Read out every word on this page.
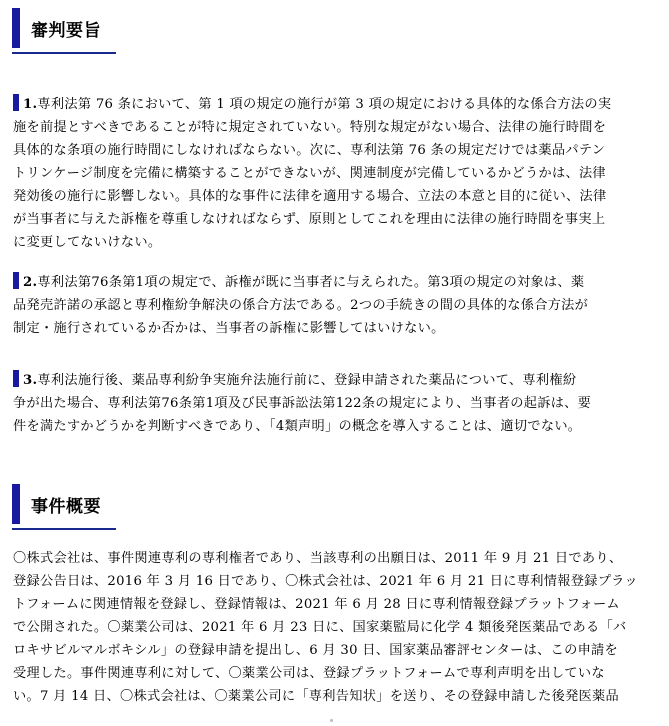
審判要旨
1.専利法第 76 条において、第 1 項の規定の施行が第 3 項の規定における具体的な係合方法の実
施を前提とすべきであることが特に規定されていない。特別な規定がない場合、法律の施行時間を
具体的な条項の施行時間にしなければならない。次に、専利法第 76 条の規定だけでは薬品パテン
トリンケージ制度を完備に構築することができないが、関連制度が完備しているかどうかは、法律
発効後の施行に影響しない。具体的な事件に法律を適用する場合、立法の本意と目的に従い、法律
が当事者に与えた訴権を尊重しなければならず、原則としてこれを理由に法律の施行時間を事実上
に変更してないけない。
2.専利法第76条第1項の規定で、訴権が既に当事者に与えられた。第3項の規定の対象は、薬
品発売許諾の承認と専利権紛争解決の係合方法である。2つの手続きの間の具体的な係合方法が
制定・施行されているか否かは、当事者の訴権に影響してはいけない。
3.専利法施行後、薬品専利紛争実施弁法施行前に、登録申請された薬品について、専利権紛
争が出た場合、専利法第76条第1項及び民事訴訟法第122条の規定により、当事者の起訴は、要
件を満たすかどうかを判断すべきであり、「4類声明」の概念を導入することは、適切でない。
事件概要
〇株式会社は、事件関連専利の専利権者であり、当該専利の出願日は、2011 年 9 月 21 日であり、
登録公告日は、2016 年 3 月 16 日であり、〇株式会社は、2021 年 6 月 21 日に専利情報登録プラッ
トフォームに関連情報を登録し、登録情報は、2021 年 6 月 28 日に専利情報登録プラットフォーム
で公開された。〇薬業公司は、2021 年 6 月 23 日に、国家薬監局に化学 4 類後発医薬品である「バ
ロキサビルマルボキシル」の登録申請を提出し、6 月 30 日、国家薬品審評センターは、この申請を
受理した。事件関連専利に対して、〇薬業公司は、登録プラットフォームで専利声明を出していな
い。7 月 14 日、〇株式会社は、〇薬業公司に「専利告知状」を送り、その登録申請した後発医薬品
